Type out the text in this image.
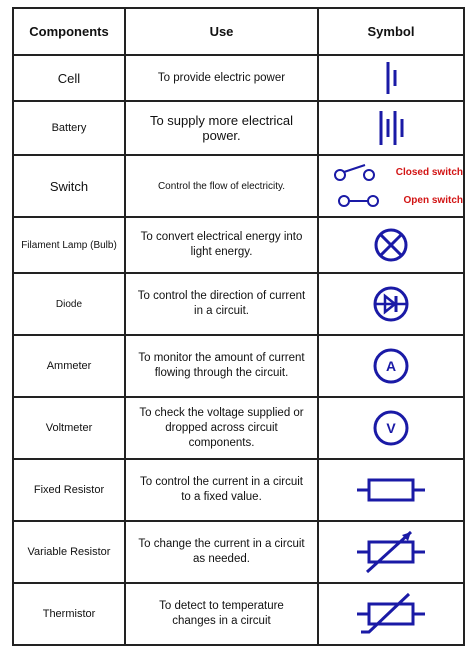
Components	Use	Symbol
Cell	To provide electric power	

Battery	To supply more electrical power.	

Switch	Control the flow of electricity.	Closed switch
Open switch

Filament Lamp (Bulb)	To convert electrical energy into light energy.	

Diode	To control the direction of current in a circuit.	

Ammeter	To monitor the amount of current flowing through the circuit.	A

Voltmeter	To check the voltage supplied or dropped across circuit components.	V

Fixed Resistor	To control the current in a circuit to a fixed value.	

Variable Resistor	To change the current in a circuit as needed.	

Thermistor	To detect to temperature changes in a circuit	
